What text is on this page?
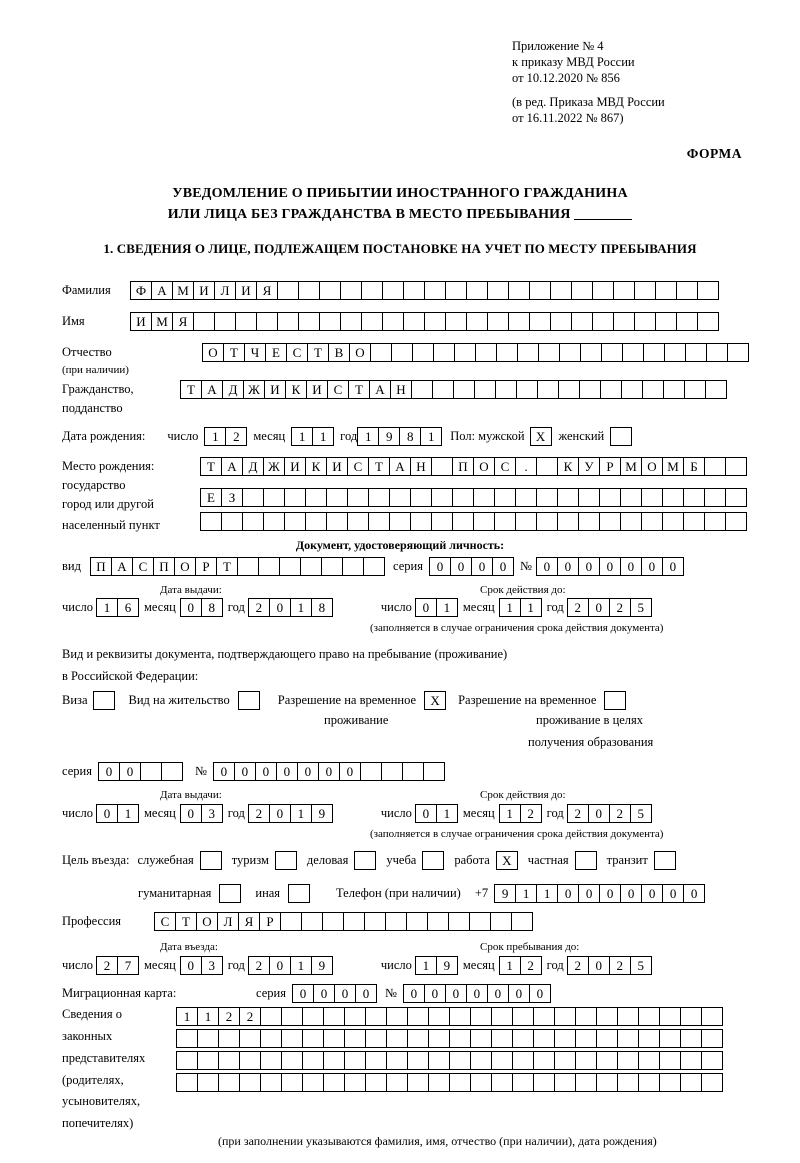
Приложение № 4
к приказу МВД России
от 10.12.2020 № 856
(в ред. Приказа МВД России
от 16.11.2022 № 867)
ФОРМА
УВЕДОМЛЕНИЕ О ПРИБЫТИИ ИНОСТРАННОГО ГРАЖДАНИНА
ИЛИ ЛИЦА БЕЗ ГРАЖДАНСТВА В МЕСТО ПРЕБЫВАНИЯ
1. СВЕДЕНИЯ О ЛИЦЕ, ПОДЛЕЖАЩЕМ ПОСТАНОВКЕ НА УЧЕТ ПО МЕСТУ ПРЕБЫВАНИЯ
Фамилия	Ф А М И Л И Я
Имя	И М Я
Отчество	О Т Ч Е С Т В О
(при наличии)
Гражданство,	Т А Д Ж И К И С Т А Н
подданство
Дата рождения: число	1	2	месяц	1	1	год 1	9	8	1	Пол: мужской X	женский
Место рождения:	Т А Д Ж И К И С Т А Н	П О С	.	К У Р М О М Б
государство
Е	З
город или другой
населенный пункт
Документ, удостоверяющий личность:
вид	П А С П О Р	Т	серия	0	0	0	0	№ 0	0	0	0	0	0	0
Дата выдачи:	Срок действия до:
число 1	6	месяц 0	8	год 2	0	1	8	число 0	1	месяц 1	1	год 2	0	2	5
(заполняется в случае ограничения срока действия документа)
Вид и реквизиты документа, подтверждающего право на пребывание (проживание)
в Российской Федерации:
Виза	Вид на жительство	Разрешение на временное	X	Разрешение на временное
проживание	проживание в целях
получения образования
серия	0	0	№	0	0	0	0	0	0	0
Дата выдачи:	Срок действия до:
число 0	1	месяц 0	3	год 2	0	1	9	число 0	1	месяц 1	2	год 2	0	2	5
(заполняется в случае ограничения срока действия документа)
Цель въезда: служебная	туризм	деловая	учеба	работа X	частная	транзит
гуманитарная	иная	Телефон (при наличии) +7	9	1	1	0	0	0	0	0	0	0
Профессия	С Т О Л Я	Р
Дата въезда:	Срок пребывания до:
число 2	7	месяц 0	3	год 2	0	1	9	число 1	9	месяц 1	2	год 2	0	2	5
Миграционная карта:	серия	0	0	0	0	№	0	0	0	0	0	0	0
Сведения о
законных
представителях
(родителях,
усыновителях,
попечителях)
1	1	2	2
(при заполнении указываются фамилия, имя, отчество (при наличии), дата рождения)
